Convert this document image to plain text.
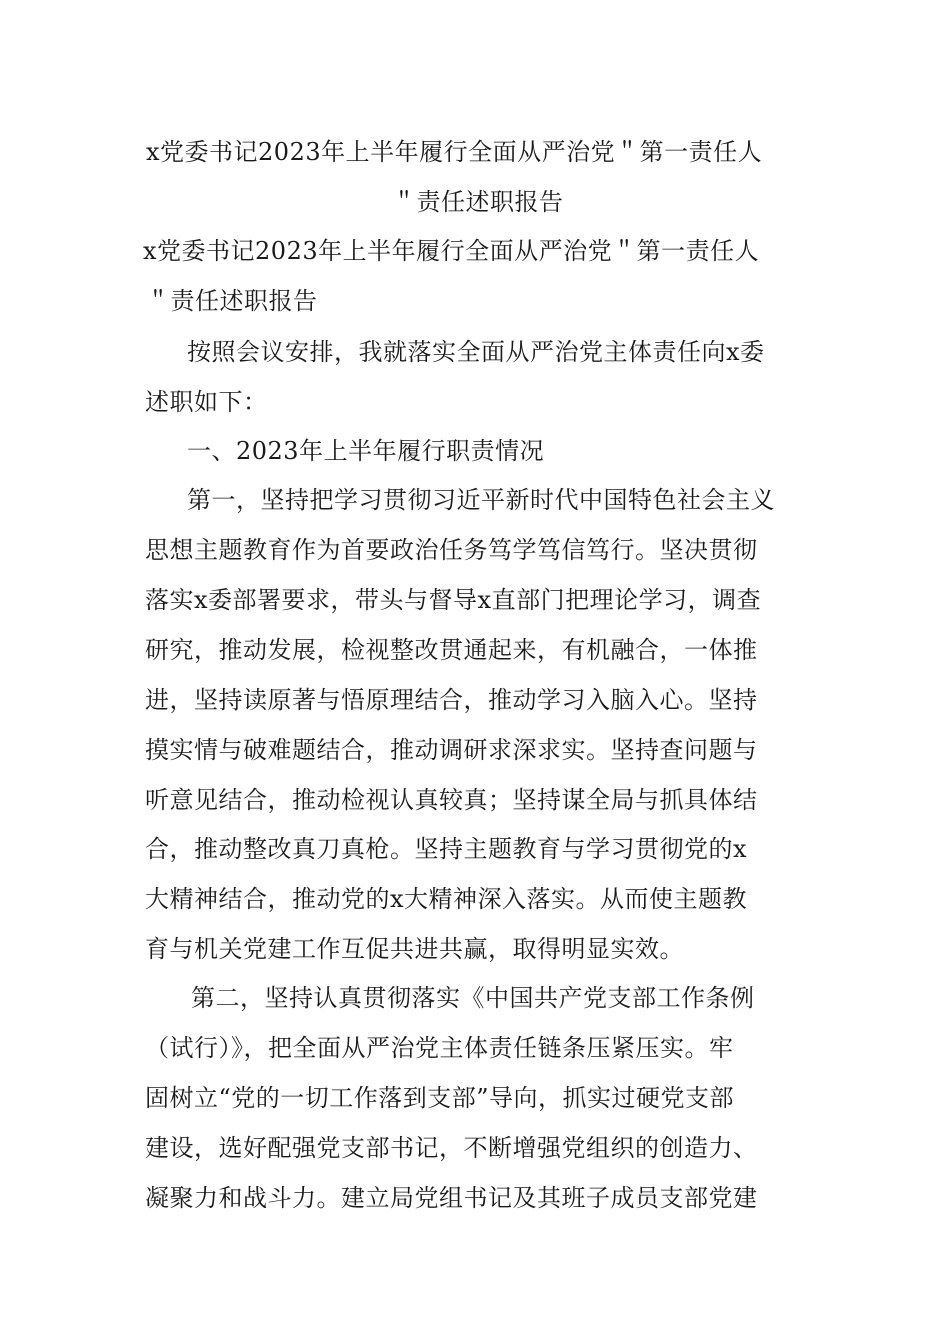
x党委书记2023年上半年履行全面从严治党＂第一责任人
＂责任述职报告
x党委书记2023年上半年履行全面从严治党＂第一责任人
＂责任述职报告
按照会议安排，我就落实全面从严治党主体责任向x委
述职如下：
一、2023年上半年履行职责情况
第一，坚持把学习贯彻习近平新时代中国特色社会主义
思想主题教育作为首要政治任务笃学笃信笃行。坚决贯彻
落实x委部署要求，带头与督导x直部门把理论学习，调查
研究，推动发展，检视整改贯通起来，有机融合，一体推
进，坚持读原著与悟原理结合，推动学习入脑入心。坚持
摸实情与破难题结合，推动调研求深求实。坚持查问题与
听意见结合，推动检视认真较真；坚持谋全局与抓具体结
合，推动整改真刀真枪。坚持主题教育与学习贯彻党的x
大精神结合，推动党的x大精神深入落实。从而使主题教
育与机关党建工作互促共进共赢，取得明显实效。
第二，坚持认真贯彻落实《中国共产党支部工作条例
（试行）》，把全面从严治党主体责任链条压紧压实。牢
固树立“党的一切工作落到支部”导向，抓实过硬党支部
建设，选好配强党支部书记，不断增强党组织的创造力、
凝聚力和战斗力。建立局党组书记及其班子成员支部党建
